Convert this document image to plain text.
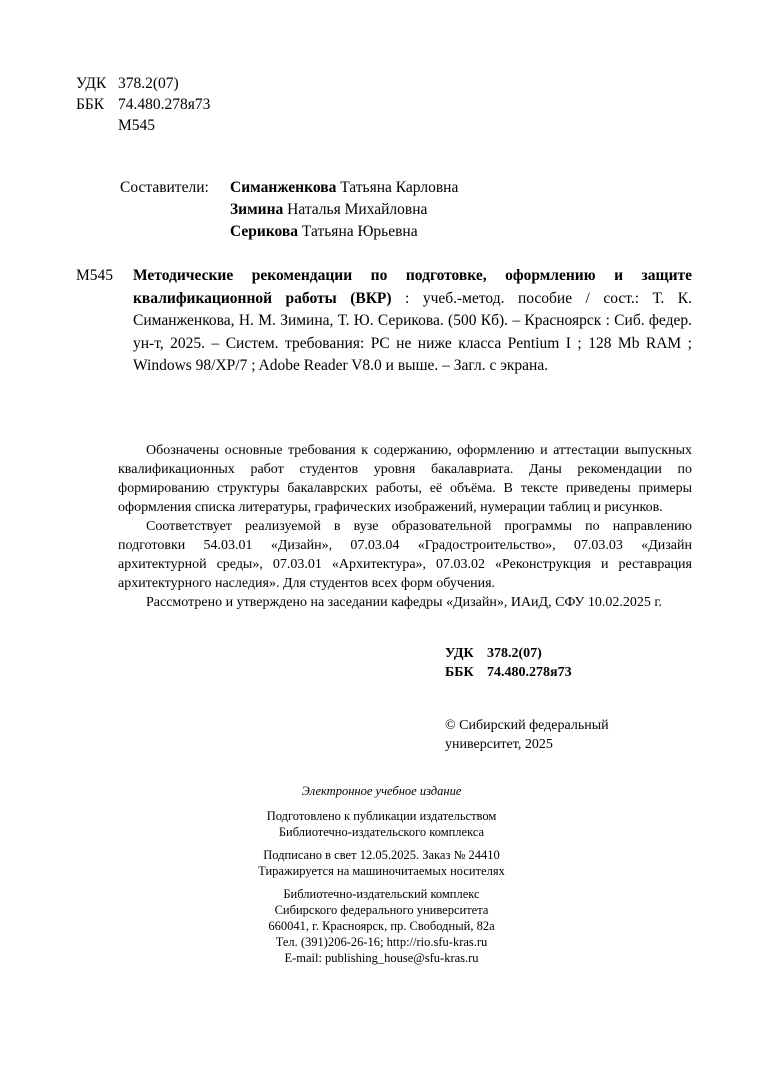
УДК 378.2(07)
ББК 74.480.278я73
М545
Составители:	Симанженкова Татьяна Карловна
Зимина Наталья Михайловна
Серикова Татьяна Юрьевна
М545	Методические рекомендации по подготовке, оформлению и защите квалификационной работы (ВКР) : учеб.-метод. пособие / сост.: Т. К. Симанженкова, Н. М. Зимина, Т. Ю. Серикова. (500 Кб). – Красноярск : Сиб. федер. ун-т, 2025. – Систем. требования: PC не ниже класса Pentium I ; 128 Mb RAM ; Windows 98/XP/7 ; Adobe Reader V8.0 и выше. – Загл. с экрана.

Обозначены основные требования к содержанию, оформлению и аттестации выпускных квалификационных работ студентов уровня бакалавриата. Даны рекомендации по формированию структуры бакалаврских работы, её объёма. В тексте приведены примеры оформления списка литературы, графических изображений, нумерации таблиц и рисунков.

Соответствует реализуемой в вузе образовательной программы по направлению подготовки 54.03.01 «Дизайн», 07.03.04 «Градостроительство», 07.03.03 «Дизайн архитектурной среды», 07.03.01 «Архитектура», 07.03.02 «Реконструкция и реставрация архитектурного наследия». Для студентов всех форм обучения.

Рассмотрено и утверждено на заседании кафедры «Дизайн», ИАиД, СФУ 10.02.2025 г.

УДК 378.2(07)
ББК 74.480.278я73
© Сибирский федеральный
университет, 2025
Электронное учебное издание
Подготовлено к публикации издательством
Библиотечно-издательского комплекса
Подписано в свет 12.05.2025. Заказ № 24410
Тиражируется на машиночитаемых носителях
Библиотечно-издательский комплекс
Сибирского федерального университета
660041, г. Красноярск, пр. Свободный, 82а
Тел. (391)206-26-16; http://rio.sfu-kras.ru
E-mail: publishing_house@sfu-kras.ru
